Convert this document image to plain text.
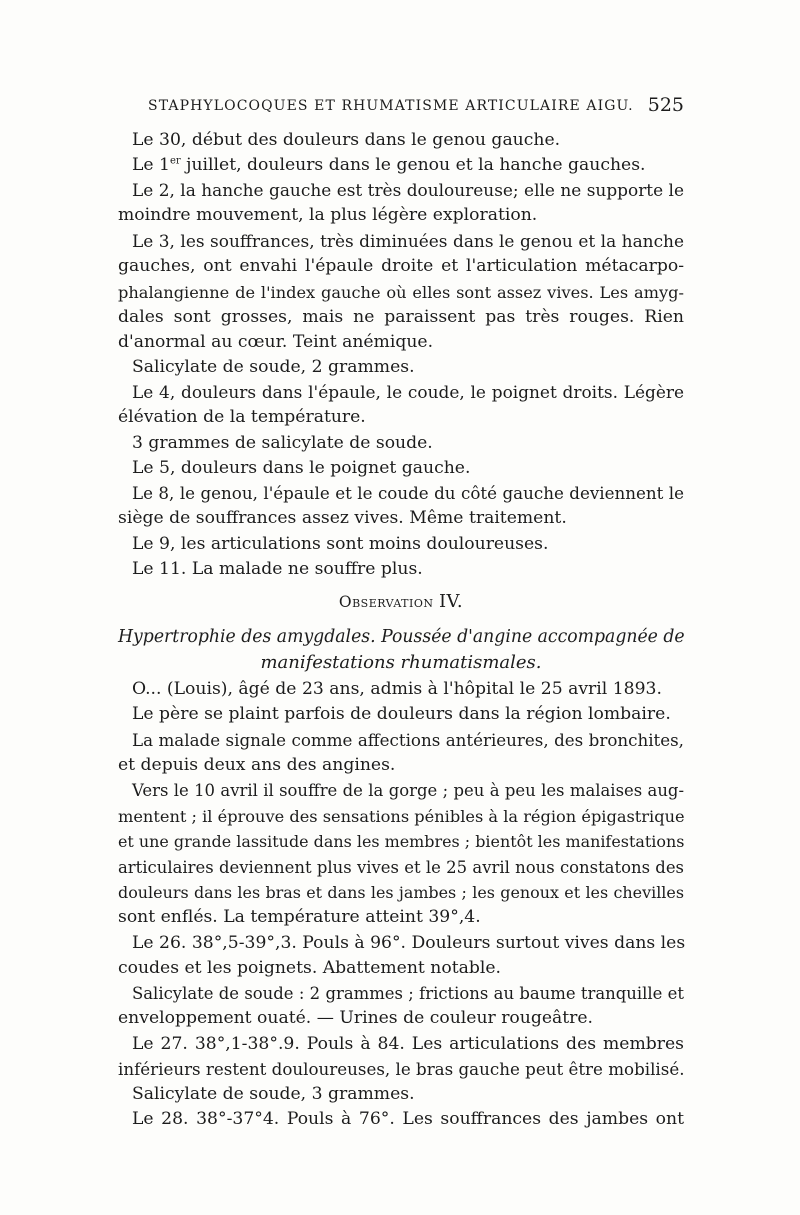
STAPHYLOCOQUES ET RHUMATISME ARTICULAIRE AIGU. 525
Le 30, début des douleurs dans le genou gauche.
Le 1er juillet, douleurs dans le genou et la hanche gauches.
Le 2, la hanche gauche est très douloureuse; elle ne supporte le
moindre mouvement, la plus légère exploration.
Le 3, les souffrances, très diminuées dans le genou et la hanche
gauches, ont envahi l'épaule droite et l'articulation métacarpo-
phalangienne de l'index gauche où elles sont assez vives. Les amyg-
dales sont grosses, mais ne paraissent pas très rouges. Rien
d'anormal au cœur. Teint anémique.
Salicylate de soude, 2 grammes.
Le 4, douleurs dans l'épaule, le coude, le poignet droits. Légère
élévation de la température.
3 grammes de salicylate de soude.
Le 5, douleurs dans le poignet gauche.
Le 8, le genou, l'épaule et le coude du côté gauche deviennent le
siège de souffrances assez vives. Même traitement.
Le 9, les articulations sont moins douloureuses.
Le 11. La malade ne souffre plus.
Observation IV.
Hypertrophie des amygdales. Poussée d'angine accompagnée de
manifestations rhumatismales.
O... (Louis), âgé de 23 ans, admis à l'hôpital le 25 avril 1893.
Le père se plaint parfois de douleurs dans la région lombaire.
La malade signale comme affections antérieures, des bronchites,
et depuis deux ans des angines.
Vers le 10 avril il souffre de la gorge ; peu à peu les malaises aug-
mentent ; il éprouve des sensations pénibles à la région épigastrique
et une grande lassitude dans les membres ; bientôt les manifestations
articulaires deviennent plus vives et le 25 avril nous constatons des
douleurs dans les bras et dans les jambes ; les genoux et les chevilles
sont enflés. La température atteint 39°,4.
Le 26. 38°,5-39°,3. Pouls à 96°. Douleurs surtout vives dans les
coudes et les poignets. Abattement notable.
Salicylate de soude : 2 grammes ; frictions au baume tranquille et
enveloppement ouaté. — Urines de couleur rougeâtre.
Le 27. 38°,1-38°.9. Pouls à 84. Les articulations des membres
inférieurs restent douloureuses, le bras gauche peut être mobilisé.
Salicylate de soude, 3 grammes.
Le 28. 38°-37°4. Pouls à 76°. Les souffrances des jambes ont
